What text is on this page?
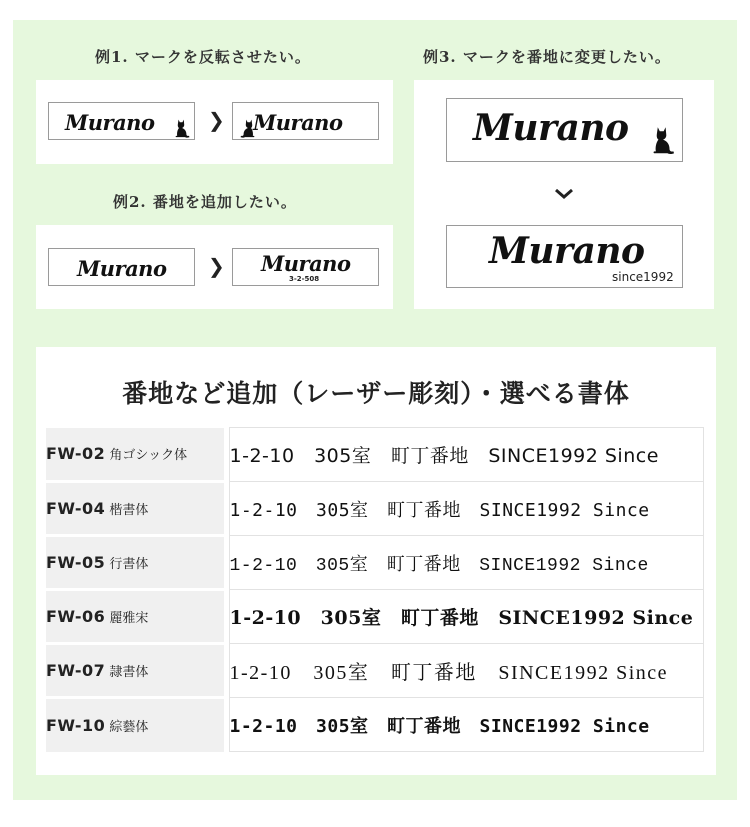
例1. マークを反転させたい。
Murano	❯ Murano
例2. 番地を追加したい。
Murano ❯ Murano
3-2-508
例3. マークを番地に変更したい。
Murano
Murano
since1992
番地など追加（レーザー彫刻）・選べる書体
FW-02 角ゴシック体		1-2-10　305室　町丁番地　SINCE1992 Since
FW-04 楷書体		1-2-10　305室　町丁番地　SINCE1992 Since
FW-05 行書体		1-2-10　305室　町丁番地　SINCE1992 Since
FW-06 麗雅宋		1-2-10　305室　町丁番地　SINCE1992 Since
FW-07 隷書体		1-2-10　305室　町丁番地　SINCE1992 Since
FW-10 綜藝体		1-2-10　305室　町丁番地　SINCE1992 Since
